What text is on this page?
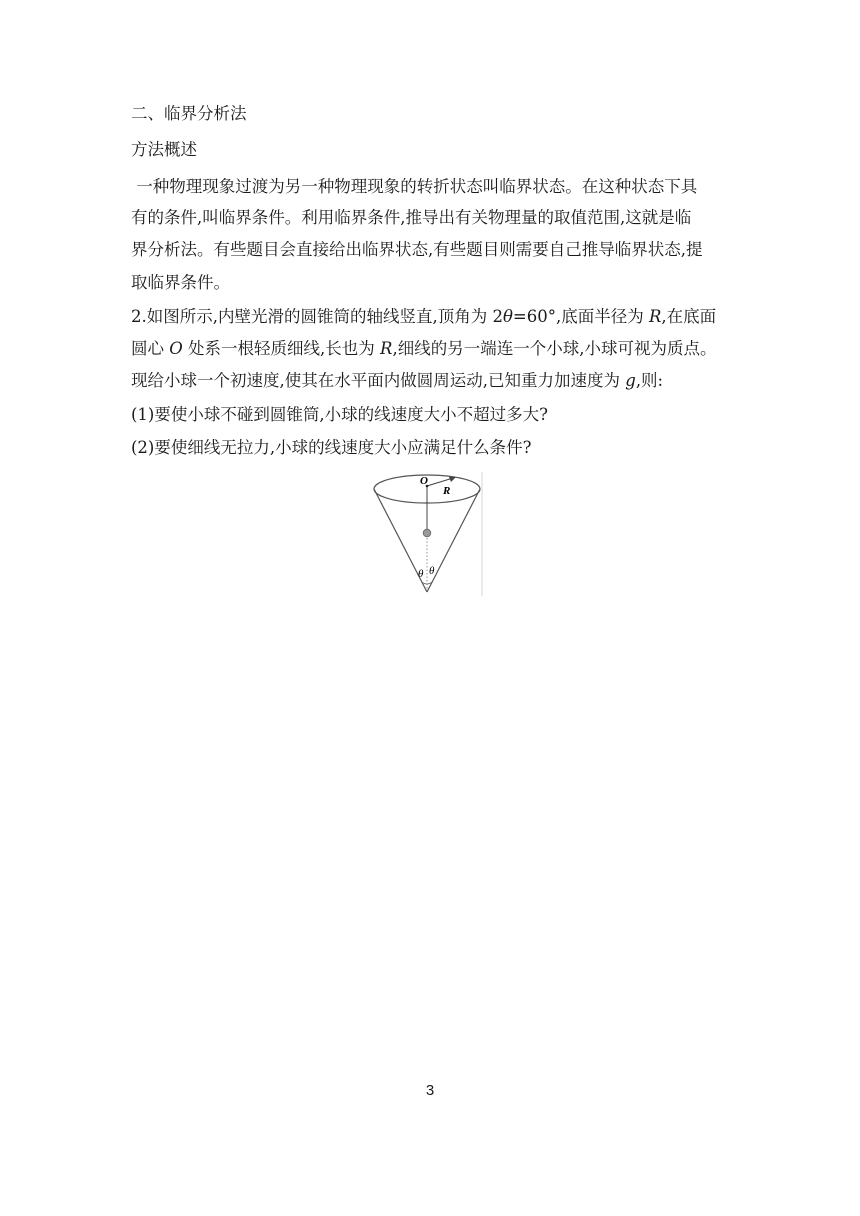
二、临界分析法
方法概述
一种物理现象过渡为另一种物理现象的转折状态叫临界状态。在这种状态下具
有的条件,叫临界条件。利用临界条件,推导出有关物理量的取值范围,这就是临
界分析法。有些题目会直接给出临界状态,有些题目则需要自己推导临界状态,提
取临界条件。
2.如图所示,内壁光滑的圆锥筒的轴线竖直,顶角为 2θ=60°,底面半径为 R,在底面
圆心 O 处系一根轻质细线,长也为 R,细线的另一端连一个小球,小球可视为质点。
现给小球一个初速度,使其在水平面内做圆周运动,已知重力加速度为 g,则:
(1)要使小球不碰到圆锥筒,小球的线速度大小不超过多大?
(2)要使细线无拉力,小球的线速度大小应满足什么条件?
O
R
θ θ
3
